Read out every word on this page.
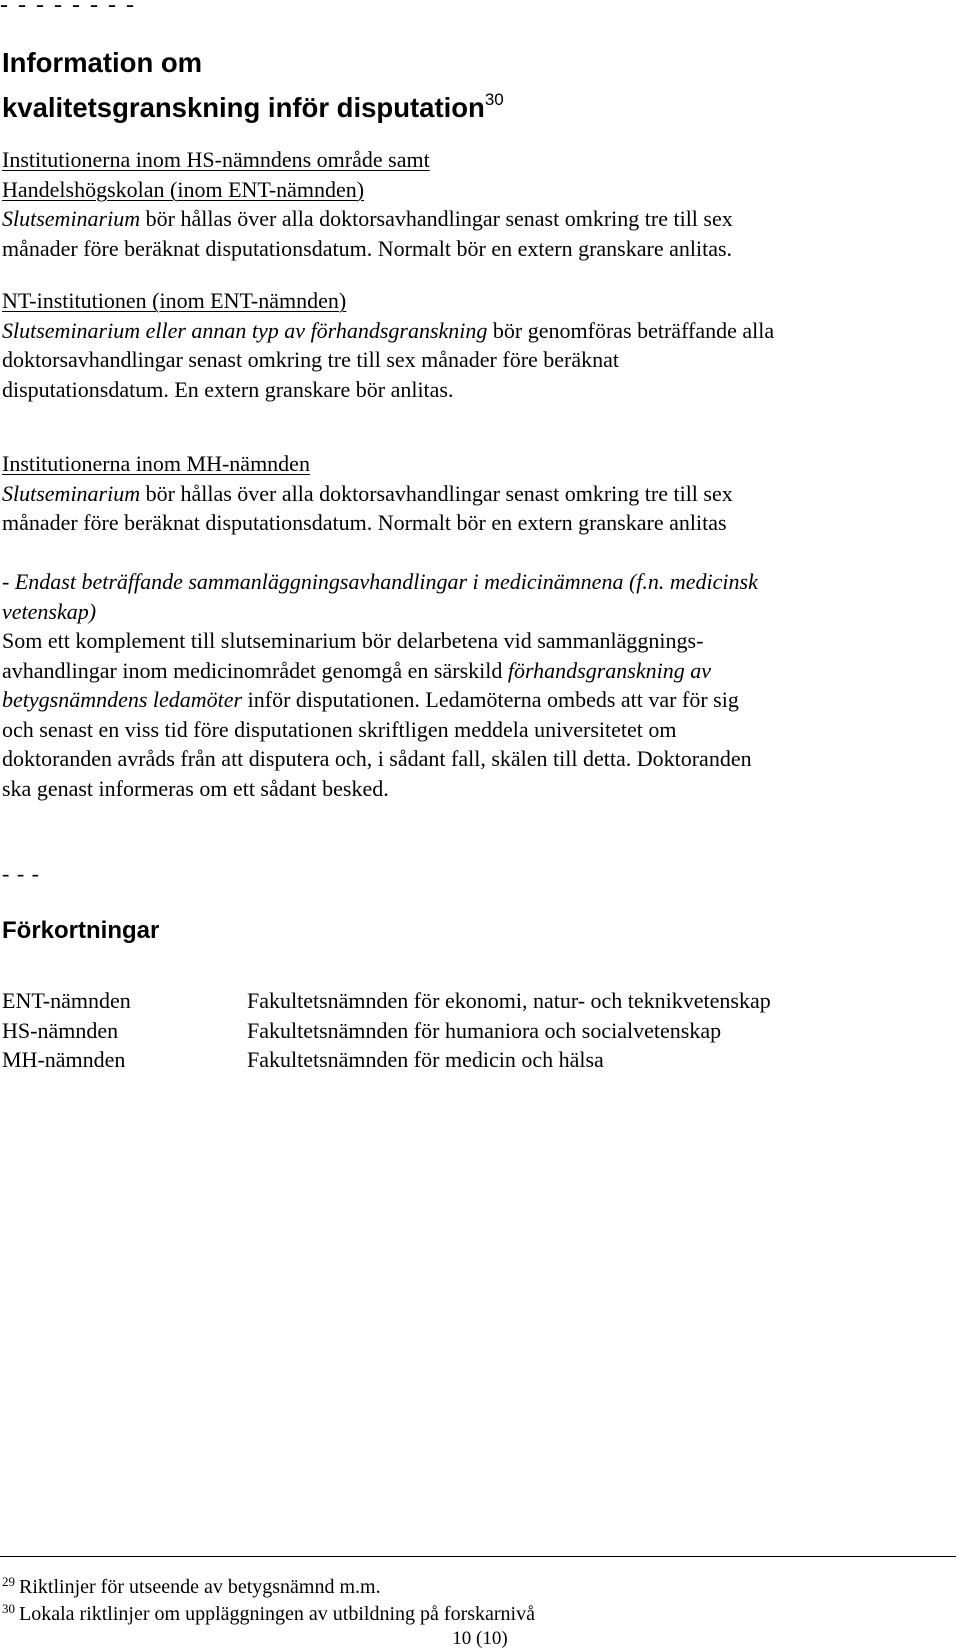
- - - - - - - -
Information om
kvalitetsgranskning inför disputation$^{30}$
Institutionerna inom HS-nämndens område samt
Handelshögskolan (inom ENT-nämnden)
Slutseminarium bör hållas över alla doktorsavhandlingar senast omkring tre till sex
månader före beräknat disputationsdatum. Normalt bör en extern granskare anlitas.
NT-institutionen (inom ENT-nämnden)
Slutseminarium eller annan typ av förhandsgranskning bör genomföras beträffande alla
doktorsavhandlingar senast omkring tre till sex månader före beräknat
disputationsdatum. En extern granskare bör anlitas.
Institutionerna inom MH-nämnden
Slutseminarium bör hållas över alla doktorsavhandlingar senast omkring tre till sex
månader före beräknat disputationsdatum. Normalt bör en extern granskare anlitas
- Endast beträffande sammanläggningsavhandlingar i medicinämnena (f.n. medicinsk
vetenskap)
Som ett komplement till slutseminarium bör delarbetena vid sammanläggnings-
avhandlingar inom medicinområdet genomgå en särskild förhandsgranskning av
betygsnämndens ledamöter inför disputationen. Ledamöterna ombeds att var för sig
och senast en viss tid före disputationen skriftligen meddela universitetet om
doktoranden avråds från att disputera och, i sådant fall, skälen till detta. Doktoranden
ska genast informeras om ett sådant besked.
- - -
Förkortningar
ENT-nämnden	Fakultetsnämnden för ekonomi, natur- och teknikvetenskap
HS-nämnden	Fakultetsnämnden för humaniora och socialvetenskap
MH-nämnden	Fakultetsnämnden för medicin och hälsa
$^{29}$ Riktlinjer för utseende av betygsnämnd m.m.
$^{30}$ Lokala riktlinjer om uppläggningen av utbildning på forskarnivå
10 (10)
